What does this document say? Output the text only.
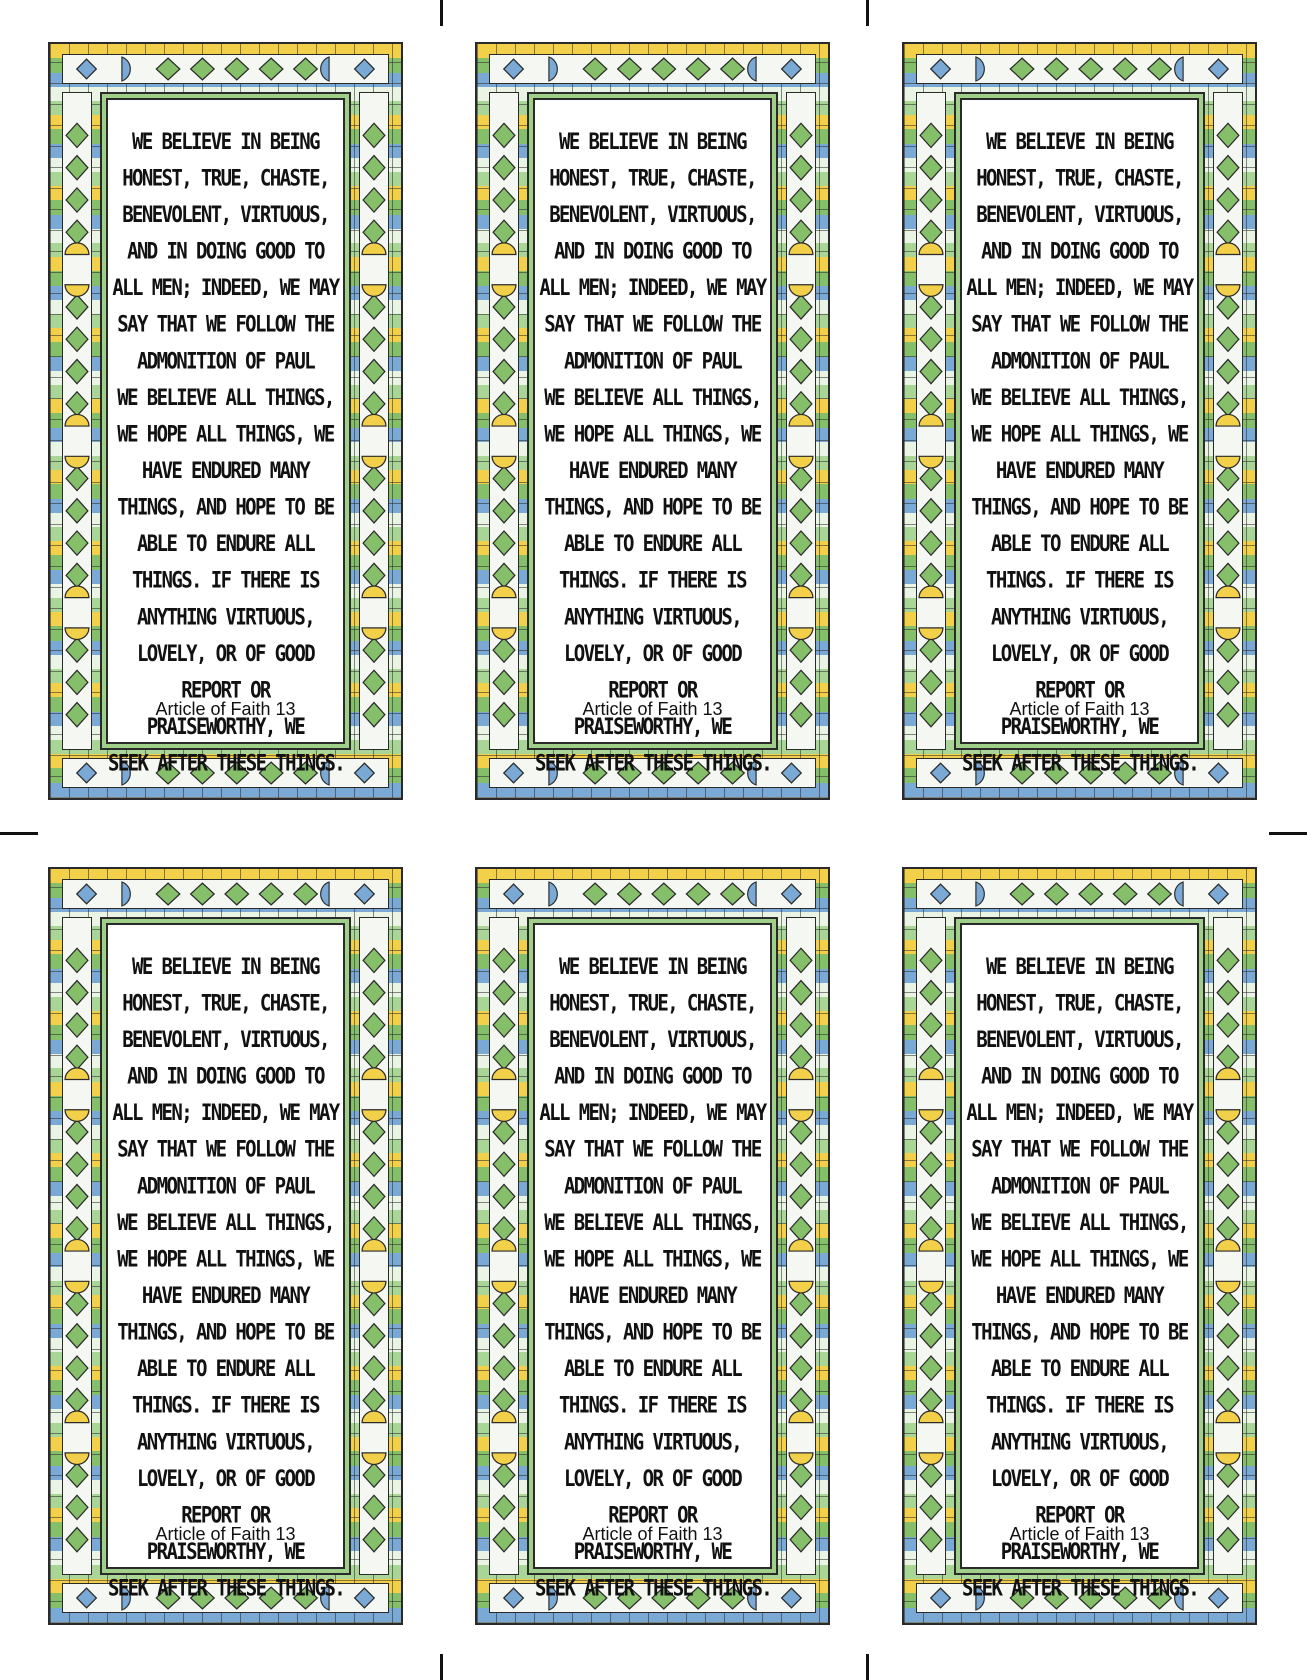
WE BELIEVE IN BEING
HONEST, TRUE, CHASTE,
BENEVOLENT, VIRTUOUS,
AND IN DOING GOOD TO
ALL MEN; INDEED, WE MAY
SAY THAT WE FOLLOW THE
ADMONITION OF PAUL
WE BELIEVE ALL THINGS,
WE HOPE ALL THINGS, WE
HAVE ENDURED MANY
THINGS, AND HOPE TO BE
ABLE TO ENDURE ALL
THINGS. IF THERE IS
ANYTHING VIRTUOUS,
LOVELY, OR OF GOOD
REPORT OR
PRAISEWORTHY, WE
SEEK AFTER THESE THINGS.
Article of Faith 13
WE BELIEVE IN BEING
HONEST, TRUE, CHASTE,
BENEVOLENT, VIRTUOUS,
AND IN DOING GOOD TO
ALL MEN; INDEED, WE MAY
SAY THAT WE FOLLOW THE
ADMONITION OF PAUL
WE BELIEVE ALL THINGS,
WE HOPE ALL THINGS, WE
HAVE ENDURED MANY
THINGS, AND HOPE TO BE
ABLE TO ENDURE ALL
THINGS. IF THERE IS
ANYTHING VIRTUOUS,
LOVELY, OR OF GOOD
REPORT OR
PRAISEWORTHY, WE
SEEK AFTER THESE THINGS.
Article of Faith 13
WE BELIEVE IN BEING
HONEST, TRUE, CHASTE,
BENEVOLENT, VIRTUOUS,
AND IN DOING GOOD TO
ALL MEN; INDEED, WE MAY
SAY THAT WE FOLLOW THE
ADMONITION OF PAUL
WE BELIEVE ALL THINGS,
WE HOPE ALL THINGS, WE
HAVE ENDURED MANY
THINGS, AND HOPE TO BE
ABLE TO ENDURE ALL
THINGS. IF THERE IS
ANYTHING VIRTUOUS,
LOVELY, OR OF GOOD
REPORT OR
PRAISEWORTHY, WE
SEEK AFTER THESE THINGS.
Article of Faith 13
WE BELIEVE IN BEING
HONEST, TRUE, CHASTE,
BENEVOLENT, VIRTUOUS,
AND IN DOING GOOD TO
ALL MEN; INDEED, WE MAY
SAY THAT WE FOLLOW THE
ADMONITION OF PAUL
WE BELIEVE ALL THINGS,
WE HOPE ALL THINGS, WE
HAVE ENDURED MANY
THINGS, AND HOPE TO BE
ABLE TO ENDURE ALL
THINGS. IF THERE IS
ANYTHING VIRTUOUS,
LOVELY, OR OF GOOD
REPORT OR
PRAISEWORTHY, WE
SEEK AFTER THESE THINGS.
Article of Faith 13
WE BELIEVE IN BEING
HONEST, TRUE, CHASTE,
BENEVOLENT, VIRTUOUS,
AND IN DOING GOOD TO
ALL MEN; INDEED, WE MAY
SAY THAT WE FOLLOW THE
ADMONITION OF PAUL
WE BELIEVE ALL THINGS,
WE HOPE ALL THINGS, WE
HAVE ENDURED MANY
THINGS, AND HOPE TO BE
ABLE TO ENDURE ALL
THINGS. IF THERE IS
ANYTHING VIRTUOUS,
LOVELY, OR OF GOOD
REPORT OR
PRAISEWORTHY, WE
SEEK AFTER THESE THINGS.
Article of Faith 13
WE BELIEVE IN BEING
HONEST, TRUE, CHASTE,
BENEVOLENT, VIRTUOUS,
AND IN DOING GOOD TO
ALL MEN; INDEED, WE MAY
SAY THAT WE FOLLOW THE
ADMONITION OF PAUL
WE BELIEVE ALL THINGS,
WE HOPE ALL THINGS, WE
HAVE ENDURED MANY
THINGS, AND HOPE TO BE
ABLE TO ENDURE ALL
THINGS. IF THERE IS
ANYTHING VIRTUOUS,
LOVELY, OR OF GOOD
REPORT OR
PRAISEWORTHY, WE
SEEK AFTER THESE THINGS.
Article of Faith 13
